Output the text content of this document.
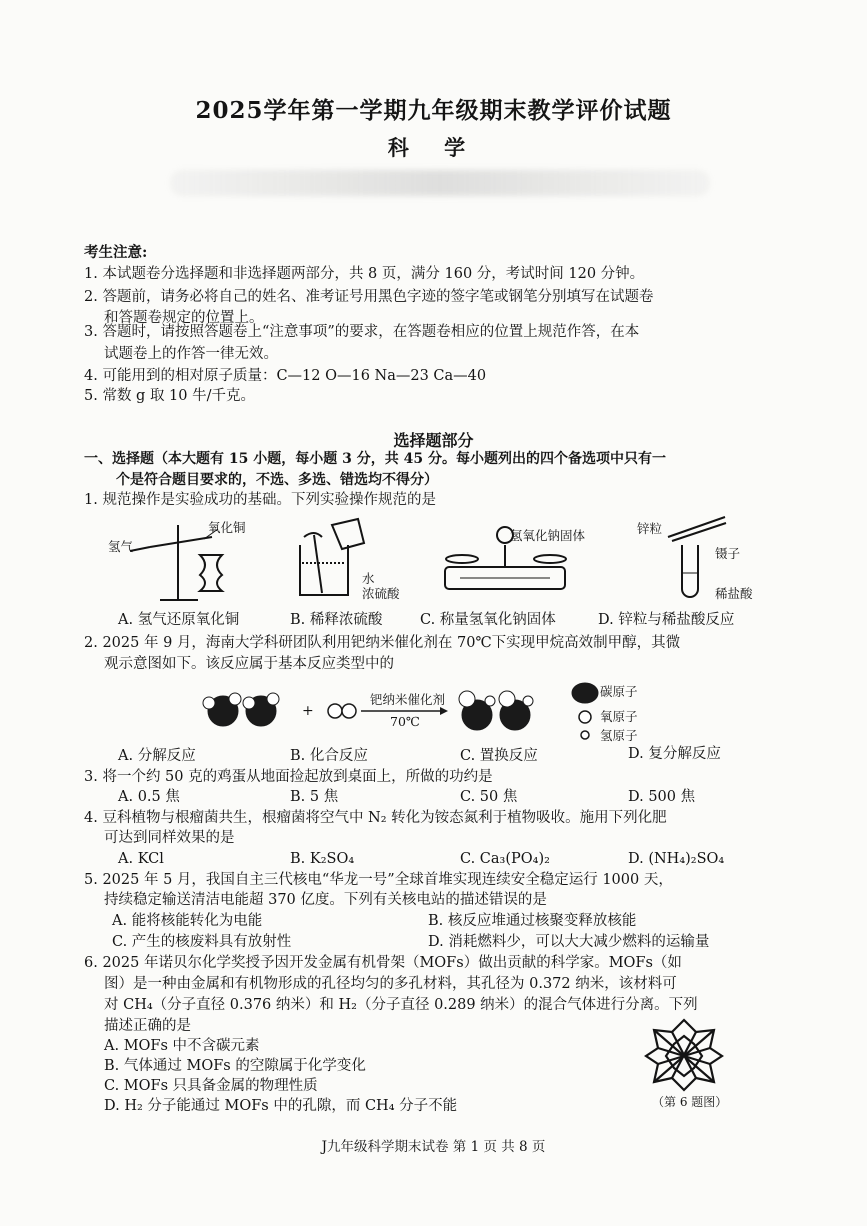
2025学年第一学期九年级期末教学评价试题
科 学
考生注意:
1. 本试题卷分选择题和非选择题两部分，共 8 页，满分 160 分，考试时间 120 分钟。
2. 答题前，请务必将自己的姓名、准考证号用黑色字迹的签字笔或钢笔分别填写在试题卷
和答题卷规定的位置上。
3. 答题时，请按照答题卷上“注意事项”的要求，在答题卷相应的位置上规范作答，在本
试题卷上的作答一律无效。
4. 可能用到的相对原子质量：C—12 O—16 Na—23 Ca—40
5. 常数 g 取 10 牛/千克。
选择题部分
一、选择题（本大题有 15 小题，每小题 3 分，共 45 分。每小题列出的四个备选项中只有一
个是符合题目要求的，不选、多选、错选均不得分）
1. 规范操作是实验成功的基础。下列实验操作规范的是
氢气
氧化铜
水
浓硫酸
氢氧化钠固体	锌粒
镊子
稀盐酸
A. 氢气还原氧化铜	B. 稀释浓硫酸	C. 称量氢氧化钠固体	D. 锌粒与稀盐酸反应
2. 2025 年 9 月，海南大学科研团队利用钯纳米催化剂在 70℃下实现甲烷高效制甲醇，其微
观示意图如下。该反应属于基本反应类型中的
+
钯纳米催化剂
70℃
碳原子
氧原子
氢原子
A. 分解反应	B. 化合反应	C. 置换反应	D. 复分解反应
3. 将一个约 50 克的鸡蛋从地面捡起放到桌面上，所做的功约是
A. 0.5 焦	B. 5 焦	C. 50 焦	D. 500 焦
4. 豆科植物与根瘤菌共生，根瘤菌将空气中 N₂ 转化为铵态氮利于植物吸收。施用下列化肥
可达到同样效果的是
A. KCl	B. K₂SO₄	C. Ca₃(PO₄)₂	D. (NH₄)₂SO₄
5. 2025 年 5 月，我国自主三代核电“华龙一号”全球首堆实现连续安全稳定运行 1000 天，
持续稳定输送清洁电能超 370 亿度。下列有关核电站的描述错误的是
A. 能将核能转化为电能	B. 核反应堆通过核聚变释放核能
C. 产生的核废料具有放射性	D. 消耗燃料少，可以大大减少燃料的运输量
6. 2025 年诺贝尔化学奖授予因开发金属有机骨架（MOFs）做出贡献的科学家。MOFs（如
图）是一种由金属和有机物形成的孔径均匀的多孔材料，其孔径为 0.372 纳米，该材料可
对 CH₄（分子直径 0.376 纳米）和 H₂（分子直径 0.289 纳米）的混合气体进行分离。下列
描述正确的是
A. MOFs 中不含碳元素
B. 气体通过 MOFs 的空隙属于化学变化
C. MOFs 只具备金属的物理性质
D. H₂ 分子能通过 MOFs 中的孔隙，而 CH₄ 分子不能	（第 6 题图）
J九年级科学期末试卷 第 1 页 共 8 页
